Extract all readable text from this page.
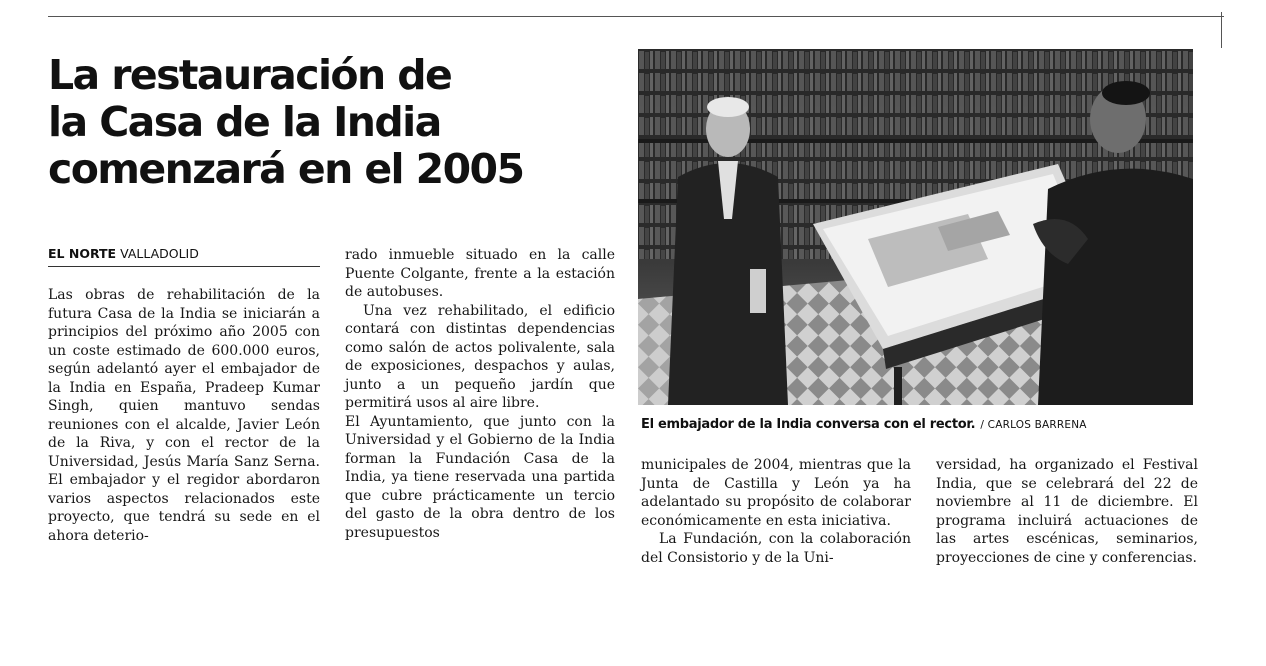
La restauración de
la Casa de la India
comenzará en el 2005
EL NORTE VALLADOLID

Las obras de rehabilitación de la futura Casa de la India se iniciarán a principios del próximo año 2005 con un coste estimado de 600.000 euros, según adelantó ayer el embajador de la India en España, Pradeep Kumar Singh, quien mantuvo sendas reuniones con el alcalde, Javier León de la Riva, y con el rector de la Universidad, Jesús María Sanz Serna. El embajador y el regidor abordaron varios aspectos relacionados este proyecto, que tendrá su sede en el ahora deterio-

rado inmueble situado en la calle Puente Colgante, frente a la estación de autobuses.

Una vez rehabilitado, el edificio contará con distintas dependencias como salón de actos polivalente, sala de exposiciones, despachos y aulas, junto a un pequeño jardín que permitirá usos al aire libre.

El Ayuntamiento, que junto con la Universidad y el Gobierno de la India forman la Fundación Casa de la India, ya tiene reservada una partida que cubre prácticamente un tercio del gasto de la obra dentro de los presupuestos

El embajador de la India conversa con el rector. / CARLOS BARRENA

municipales de 2004, mientras que la Junta de Castilla y León ya ha adelantado su propósito de colaborar económicamente en esta iniciativa.

La Fundación, con la colaboración del Consistorio y de la Uni-

versidad, ha organizado el Festival India, que se celebrará del 22 de noviembre al 11 de diciembre. El programa incluirá actuaciones de las artes escénicas, seminarios, proyecciones de cine y conferencias.
